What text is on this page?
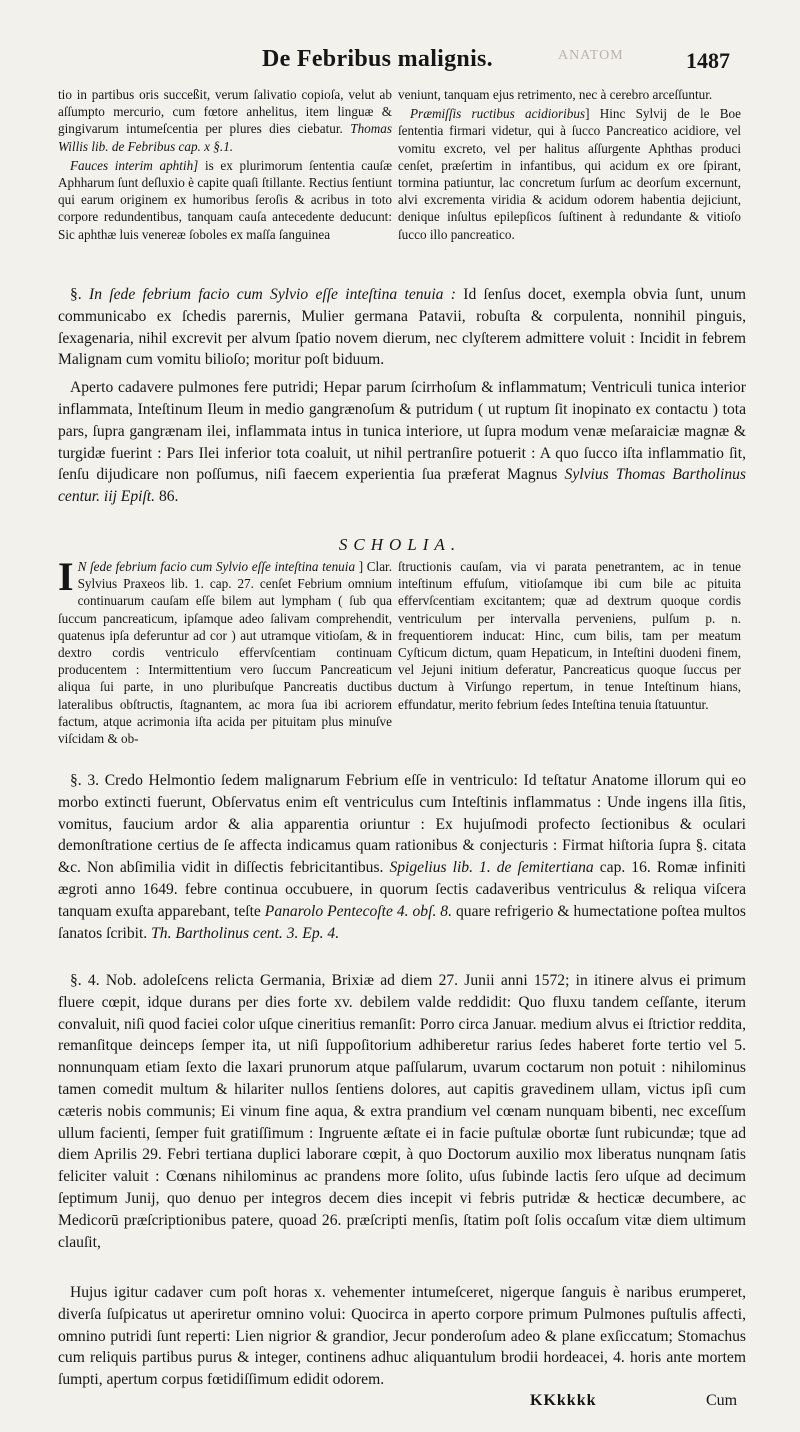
De Febribus malignis.	ANATOM	1487

tio in partibus oris succeßit, verum ſalivatio copioſa, velut ab aſſumpto mercurio, cum fœtore anhelitus, item linguæ & gingivarum intumeſcentia per plures dies ciebatur. Thomas Willis lib. de Febribus cap. x §.1.

Fauces interim aphtih] is ex plurimorum ſententia cauſæ Aphharum ſunt deſluxio è capite quaſi ſtillante. Rectius ſentiunt qui earum originem ex humoribus ſeroſis & acribus in toto corpore redundentibus, tanquam cauſa antecedente deducunt: Sic aphthæ luis venereæ ſoboles ex maſſa ſanguinea

veniunt, tanquam ejus retrimento, nec à cerebro arceſſuntur.

Præmiſſis ructibus acidioribus] Hinc Sylvij de le Boe ſententia firmari videtur, qui à ſucco Pancreatico acidiore, vel vomitu excreto, vel per halitus aſſurgente Aphthas produci cenſet, præſertim in infantibus, qui acidum ex ore ſpirant, tormina patiuntur, lac concretum ſurſum ac deorſum excernunt, alvi excrementa viridia & acidum odorem habentia dejiciunt, denique inſultus epilepſicos ſuſtinent à redundante & vitioſo ſucco illo pancreatico.

§. In ſede febrium facio cum Sylvio eſſe inteſtina tenuia : Id ſenſus docet, exempla obvia ſunt, unum communicabo ex ſchedis parernis, Mulier germana Patavii, robuſta & corpulenta, nonnihil pinguis, ſexagenaria, nihil excrevit per alvum ſpatio novem dierum, nec clyſterem admittere voluit : Incidit in febrem Malignam cum vomitu bilioſo; moritur poſt biduum.

Aperto cadavere pulmones fere putridi; Hepar parum ſcirrhoſum & inflammatum; Ventriculi tunica interior inflammata, Inteſtinum Ileum in medio gangrænoſum & putridum ( ut ruptum ſit inopinato ex contactu ) tota pars, ſupra gangrænam ilei, inflammata intus in tunica interiore, ut ſupra modum venæ meſaraiciæ magnæ & turgidæ fuerint : Pars Ilei inferior tota coaluit, ut nihil pertranſire potuerit : A quo ſucco iſta inflammatio ſit, ſenſu dijudicare non poſſumus, niſi faecem experientia ſua præferat Magnus Sylvius Thomas Bartholinus centur. iij Epiſt. 86.

SCHOLIA.

I N ſede febrium facio cum Sylvio eſſe inteſtina tenuia ] Clar. Sylvius Praxeos lib. 1. cap. 27. cenſet Febrium omnium continuarum cauſam eſſe bilem aut lympham ( ſub qua ſuccum pancreaticum, ipſamque adeo ſalivam comprehendit, quatenus ipſa deferuntur ad cor ) aut utramque vitioſam, & in dextro cordis ventriculo effervſcentiam continuam producentem : Intermittentium vero ſuccum Pancreaticum aliqua ſui parte, in uno pluribuſque Pancreatis ductibus lateralibus obſtructis, ſtagnantem, ac mora ſua ibi acriorem factum, atque acrimonia iſta acida per pituitam plus minuſve viſcidam & ob-

ſtructionis cauſam, via vi parata penetrantem, ac in tenue inteſtinum effuſum, vitioſamque ibi cum bile ac pituita effervſcentiam excitantem; quæ ad dextrum quoque cordis ventriculum per intervalla perveniens, pulſum p. n. frequentiorem inducat: Hinc, cum bilis, tam per meatum Cyſticum dictum, quam Hepaticum, in Inteſtini duodeni finem, vel Jejuni initium deferatur, Pancreaticus quoque ſuccus per ductum à Virſungo repertum, in tenue Inteſtinum hians, effundatur, merito febrium ſedes Inteſtina tenuia ſtatuuntur.

§. 3. Credo Helmontio ſedem malignarum Febrium eſſe in ventriculo: Id teſtatur Anatome illorum qui eo morbo extincti fuerunt, Obſervatus enim eſt ventriculus cum Inteſtinis inflammatus : Unde ingens illa ſitis, vomitus, faucium ardor & alia apparentia oriuntur : Ex hujuſmodi profecto ſectionibus & oculari demonſtratione certius de ſe affecta indicamus quam rationibus & conjecturis : Firmat hiſtoria ſupra §. citata &c. Non abſimilia vidit in diſſectis febricitantibus. Spigelius lib. 1. de ſemitertiana cap. 16. Romæ infiniti ægroti anno 1649. febre continua occubuere, in quorum ſectis cadaveribus ventriculus & reliqua viſcera tanquam exuſta apparebant, teſte Panarolo Pentecoſte 4. obſ. 8. quare refrigerio & humectatione poſtea multos ſanatos ſcribit. Th. Bartholinus cent. 3. Ep. 4.

§. 4. Nob. adoleſcens relicta Germania, Brixiæ ad diem 27. Junii anni 1572; in itinere alvus ei primum fluere cœpit, idque durans per dies forte xv. debilem valde reddidit: Quo fluxu tandem ceſſante, iterum convaluit, niſi quod faciei color uſque cineritius remanſit: Porro circa Januar. medium alvus ei ſtrictior reddita, remanſitque deinceps ſemper ita, ut niſi ſuppoſitorium adhiberetur rarius ſedes haberet forte tertio vel 5. nonnunquam etiam ſexto die laxari prunorum atque paſſularum, uvarum coctarum non potuit : nihilominus tamen comedit multum & hilariter nullos ſentiens dolores, aut capitis gravedinem ullam, victus ipſi cum cæteris nobis communis; Ei vinum fine aqua, & extra prandium vel cœnam nunquam bibenti, nec exceſſum ullum facienti, ſemper fuit gratiſſimum : Ingruente æſtate ei in facie puſtulæ obortæ ſunt rubicundæ; tque ad diem Aprilis 29. Febri tertiana duplici laborare cœpit, à quo Doctorum auxilio mox liberatus nunqnam ſatis feliciter valuit : Cœnans nihilominus ac prandens more ſolito, uſus ſubinde lactis ſero uſque ad decimum ſeptimum Junij, quo denuo per integros decem dies incepit vi febris putridæ & hecticæ decumbere, ac Medicorū præſcriptionibus patere, quoad 26. præſcripti menſis, ſtatim poſt ſolis occaſum vitæ diem ultimum clauſit,

Hujus igitur cadaver cum poſt horas x. vehementer intumeſceret, nigerque ſanguis è naribus erumperet, diverſa ſuſpicatus ut aperiretur omnino volui: Quocirca in aperto corpore primum Pulmones puſtulis affecti, omnino putridi ſunt reperti: Lien nigrior & grandior, Jecur ponderoſum adeo & plane exſiccatum; Stomachus cum reliquis partibus purus & integer, continens adhuc aliquantulum brodii hordeacei, 4. horis ante mortem ſumpti, apertum corpus fœtidiſſimum edidit odorem.

KKkkkk	Cum
